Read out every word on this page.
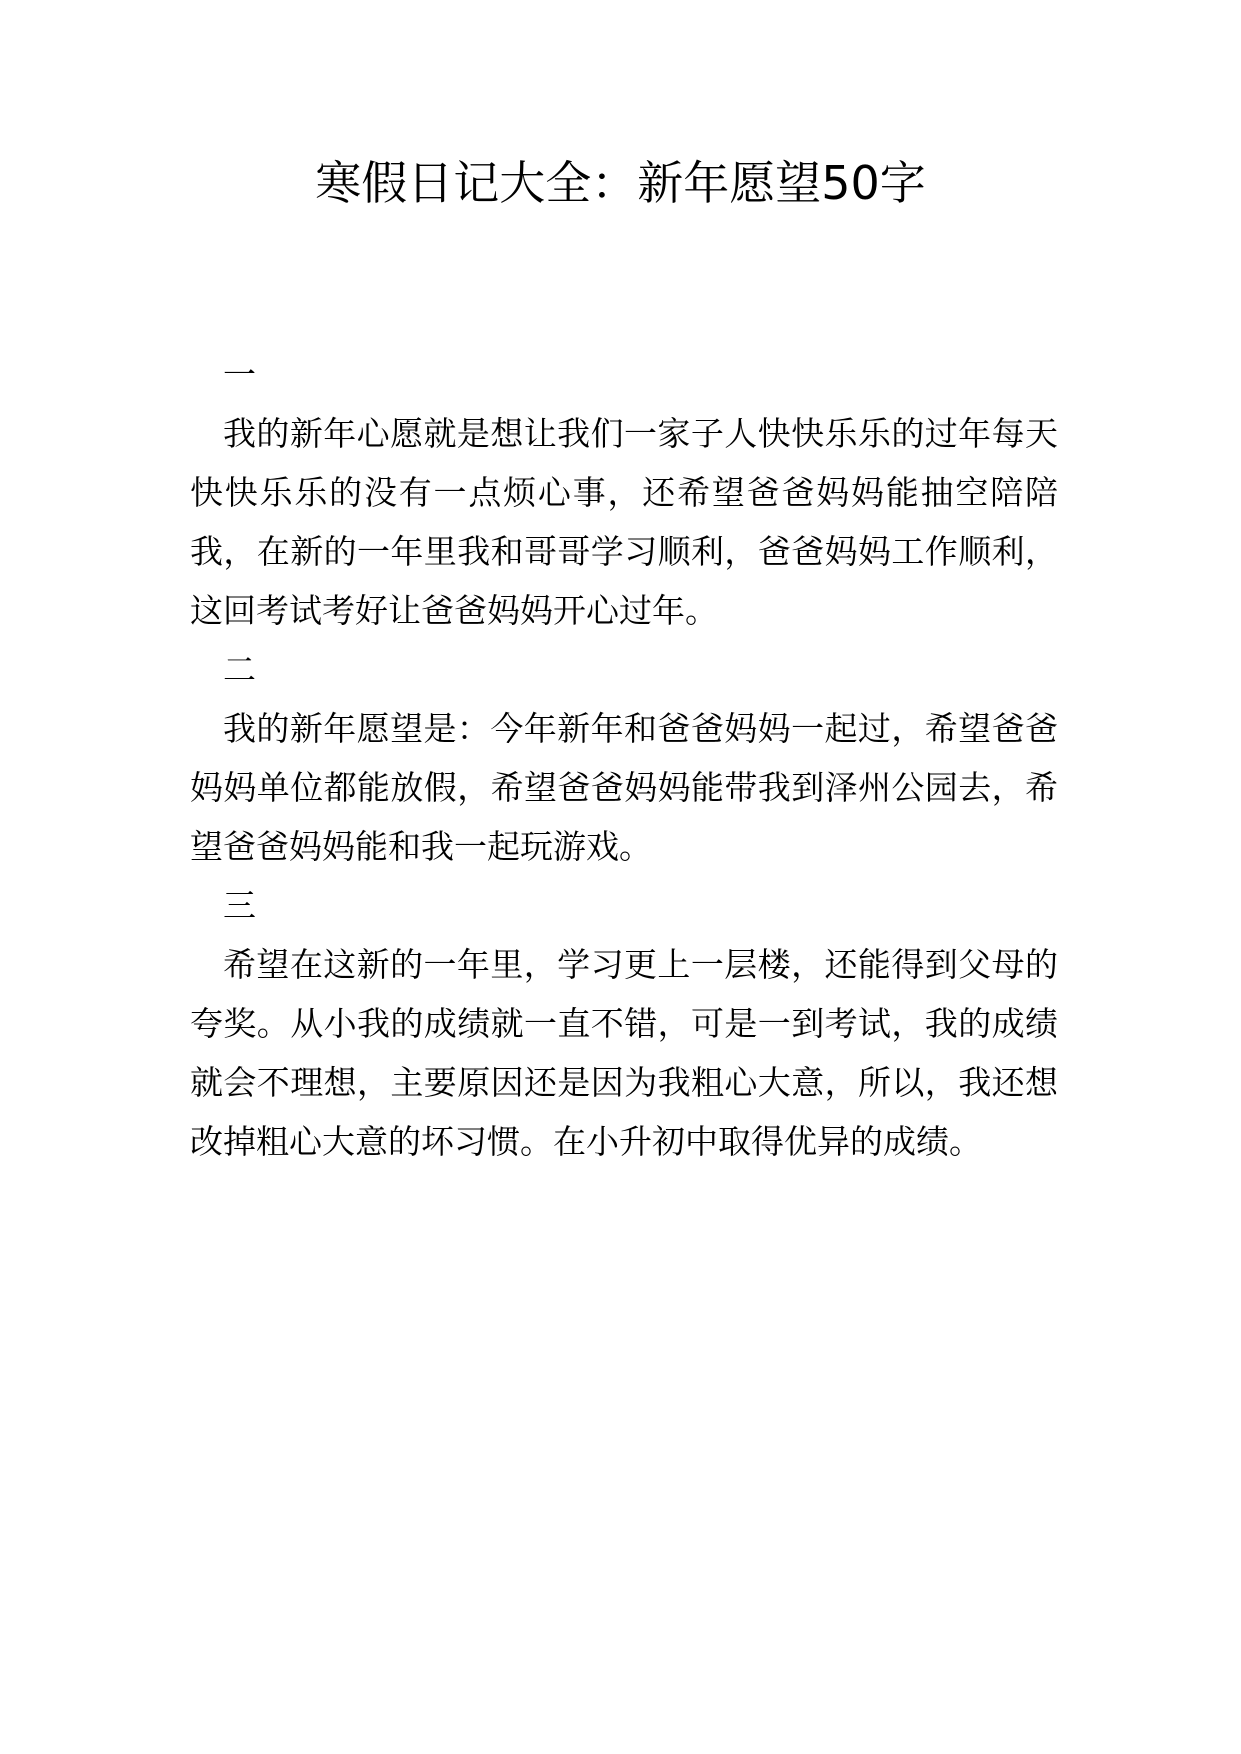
寒假日记大全：新年愿望50字

一

我的新年心愿就是想让我们一家子人快快乐乐的过年每天快快乐乐的没有一点烦心事，还希望爸爸妈妈能抽空陪陪我，在新的一年里我和哥哥学习顺利，爸爸妈妈工作顺利，这回考试考好让爸爸妈妈开心过年。

二

我的新年愿望是：今年新年和爸爸妈妈一起过，希望爸爸妈妈单位都能放假，希望爸爸妈妈能带我到泽州公园去，希望爸爸妈妈能和我一起玩游戏。

三

希望在这新的一年里，学习更上一层楼，还能得到父母的夸奖。从小我的成绩就一直不错，可是一到考试，我的成绩就会不理想，主要原因还是因为我粗心大意，所以，我还想改掉粗心大意的坏习惯。在小升初中取得优异的成绩。
